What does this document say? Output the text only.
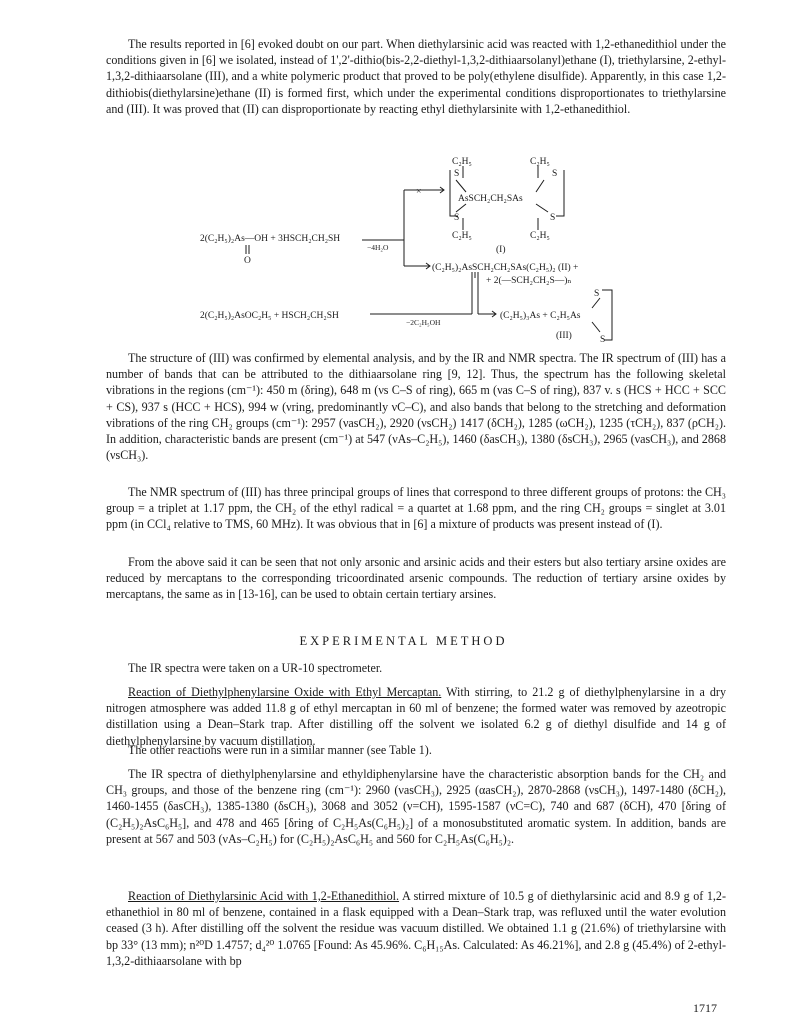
The results reported in [6] evoked doubt on our part. When diethylarsinic acid was reacted with 1,2-ethanedithiol under the conditions given in [6] we isolated, instead of 1',2'-dithio(bis-2,2-diethyl-1,3,2-dithiaarsolanyl)ethane (I), triethylarsine, 2-ethyl-1,3,2-dithiaarsolane (III), and a white polymeric product that proved to be poly(ethylene disulfide). Apparently, in this case 1,2-dithiobis(diethylarsine)ethane (II) is formed first, which under the experimental conditions disproportionates to triethylarsine and (III). It was proved that (II) can disproportionate by reacting ethyl diethylarsinite with 1,2-ethanedithiol.

2(C₂H₅)₂As—OH + 3HSCH₂CH₂SH
O
−4H₂O
×
C₂H₅	C₂H₅
S	S
AsSCH₂CH₂SAs
S	S
C₂H₅	C₂H₅
(I)
(C₂H₅)₂AsSCH₂CH₂SAs(C₂H₅)₂ (II) +
+ 2(—SCH₂CH₂S—)ₙ
2(C₂H₅)₂AsOC₂H₅ + HSCH₂CH₂SH
−2C₂H₅OH
(C₂H₅)₃As + C₂H₅As
S
S
(III)

The structure of (III) was confirmed by elemental analysis, and by the IR and NMR spectra. The IR spectrum of (III) has a number of bands that can be attributed to the dithiaarsolane ring [9, 12]. Thus, the spectrum has the following skeletal vibrations in the regions (cm⁻¹): 450 m (δring), 648 m (νs C–S of ring), 665 m (νas C–S of ring), 837 v. s (HCS + HCC + SCC + CS), 937 s (HCC + HCS), 994 w (νring, predominantly νC–C), and also bands that belong to the stretching and deformation vibrations of the ring CH₂ groups (cm⁻¹): 2957 (νasCH₂), 2920 (νsCH₂) 1417 (δCH₂), 1285 (ωCH₂), 1235 (τCH₂), 837 (ρCH₂). In addition, characteristic bands are present (cm⁻¹) at 547 (νAs–C₂H₅), 1460 (δasCH₃), 1380 (δsCH₃), 2965 (νasCH₃), and 2868 (νsCH₃).

The NMR spectrum of (III) has three principal groups of lines that correspond to three different groups of protons: the CH₃ group = a triplet at 1.17 ppm, the CH₂ of the ethyl radical = a quartet at 1.68 ppm, and the ring CH₂ groups = singlet at 3.01 ppm (in CCl₄ relative to TMS, 60 MHz). It was obvious that in [6] a mixture of products was present instead of (I).

From the above said it can be seen that not only arsonic and arsinic acids and their esters but also tertiary arsine oxides are reduced by mercaptans to the corresponding tricoordinated arsenic compounds. The reduction of tertiary arsine oxides by mercaptans, the same as in [13-16], can be used to obtain certain tertiary arsines.

EXPERIMENTAL METHOD

The IR spectra were taken on a UR-10 spectrometer.

Reaction of Diethylphenylarsine Oxide with Ethyl Mercaptan. With stirring, to 21.2 g of diethylphenylarsine in a dry nitrogen atmosphere was added 11.8 g of ethyl mercaptan in 60 ml of benzene; the formed water was removed by azeotropic distillation using a Dean–Stark trap. After distilling off the solvent we isolated 6.2 g of diethyl disulfide and 14 g of diethylphenylarsine by vacuum distillation.

The other reactions were run in a similar manner (see Table 1).

The IR spectra of diethylphenylarsine and ethyldiphenylarsine have the characteristic absorption bands for the CH₂ and CH₃ groups, and those of the benzene ring (cm⁻¹): 2960 (νasCH₃), 2925 (αasCH₂), 2870-2868 (νsCH₃), 1497-1480 (δCH₂), 1460-1455 (δasCH₃), 1385-1380 (δsCH₃), 3068 and 3052 (ν=CH), 1595-1587 (νC=C), 740 and 687 (δCH), 470 [δring of (C₂H₅)₂AsC₆H₅], and 478 and 465 [δring of C₂H₅As(C₆H₅)₂] of a monosubstituted aromatic system. In addition, bands are present at 567 and 503 (νAs–C₂H₅) for (C₂H₅)₂AsC₆H₅ and 560 for C₂H₅As(C₆H₅)₂.

Reaction of Diethylarsinic Acid with 1,2-Ethanedithiol. A stirred mixture of 10.5 g of diethylarsinic acid and 8.9 g of 1,2-ethanethiol in 80 ml of benzene, contained in a flask equipped with a Dean–Stark trap, was refluxed until the water evolution ceased (3 h). After distilling off the solvent the residue was vacuum distilled. We obtained 1.1 g (21.6%) of triethylarsine with bp 33° (13 mm); n²⁰D 1.4757; d₄²⁰ 1.0765 [Found: As 45.96%. C₆H₁₅As. Calculated: As 46.21%], and 2.8 g (45.4%) of 2-ethyl-1,3,2-dithiaarsolane with bp

1717
